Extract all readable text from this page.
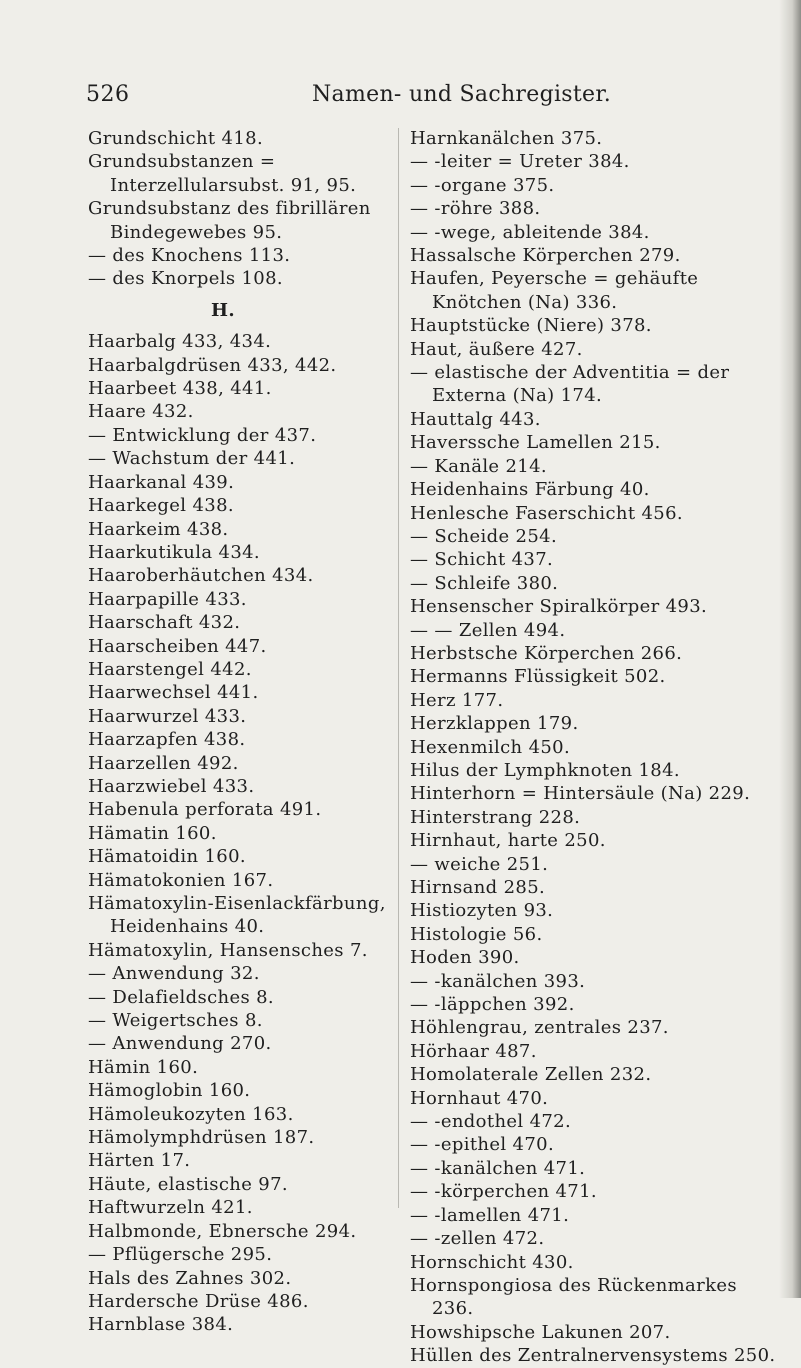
526	Namen- und Sachregister.

Grundschicht 418.

Grundsubstanzen = Interzellularsubst. 91, 95.

Grundsubstanz des fibrillären Bindegewebes 95.

— des Knochens 113.

— des Knorpels 108.

H.

Haarbalg 433, 434.

Haarbalgdrüsen 433, 442.

Haarbeet 438, 441.

Haare 432.

— Entwicklung der 437.

— Wachstum der 441.

Haarkanal 439.

Haarkegel 438.

Haarkeim 438.

Haarkutikula 434.

Haaroberhäutchen 434.

Haarpapille 433.

Haarschaft 432.

Haarscheiben 447.

Haarstengel 442.

Haarwechsel 441.

Haarwurzel 433.

Haarzapfen 438.

Haarzellen 492.

Haarzwiebel 433.

Habenula perforata 491.

Hämatin 160.

Hämatoidin 160.

Hämatokonien 167.

Hämatoxylin-Eisenlackfärbung, Heidenhains 40.

Hämatoxylin, Hansensches 7.

— Anwendung 32.

— Delafieldsches 8.

— Weigertsches 8.

— Anwendung 270.

Hämin 160.

Hämoglobin 160.

Hämoleukozyten 163.

Hämolymphdrüsen 187.

Härten 17.

Häute, elastische 97.

Haftwurzeln 421.

Halbmonde, Ebnersche 294.

— Pflügersche 295.

Hals des Zahnes 302.

Hardersche Drüse 486.

Harnblase 384.

Harnkanälchen 375.

— -leiter = Ureter 384.

— -organe 375.

— -röhre 388.

— -wege, ableitende 384.

Hassalsche Körperchen 279.

Haufen, Peyersche = gehäufte Knötchen (Na) 336.

Hauptstücke (Niere) 378.

Haut, äußere 427.

— elastische der Adventitia = der Externa (Na) 174.

Hauttalg 443.

Haverssche Lamellen 215.

— Kanäle 214.

Heidenhains Färbung 40.

Henlesche Faserschicht 456.

— Scheide 254.

— Schicht 437.

— Schleife 380.

Hensenscher Spiralkörper 493.

— — Zellen 494.

Herbstsche Körperchen 266.

Hermanns Flüssigkeit 502.

Herz 177.

Herzklappen 179.

Hexenmilch 450.

Hilus der Lymphknoten 184.

Hinterhorn = Hintersäule (Na) 229.

Hinterstrang 228.

Hirnhaut, harte 250.

— weiche 251.

Hirnsand 285.

Histiozyten 93.

Histologie 56.

Hoden 390.

— -kanälchen 393.

— -läppchen 392.

Höhlengrau, zentrales 237.

Hörhaar 487.

Homolaterale Zellen 232.

Hornhaut 470.

— -endothel 472.

— -epithel 470.

— -kanälchen 471.

— -körperchen 471.

— -lamellen 471.

— -zellen 472.

Hornschicht 430.

Hornspongiosa des Rückenmarkes 236.

Howshipsche Lakunen 207.

Hüllen des Zentralnervensystems 250.
